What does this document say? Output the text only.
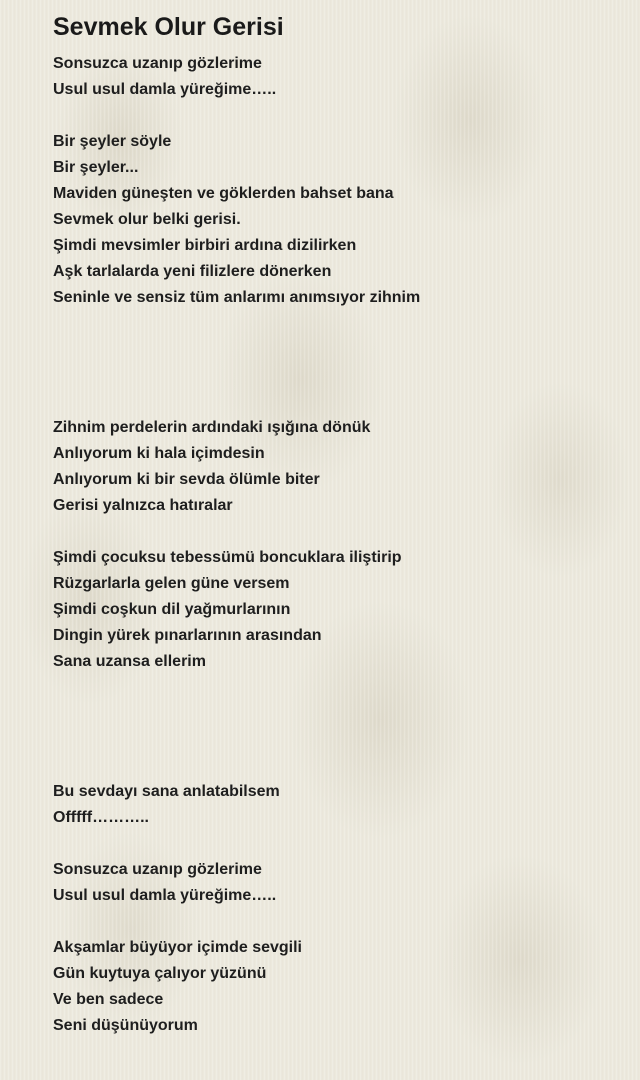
Sevmek Olur Gerisi
Sonsuzca uzanıp gözlerime
Usul usul damla yüreğime…..
Bir şeyler söyle
Bir şeyler...
Maviden güneşten ve göklerden bahset bana
Sevmek olur belki gerisi.
Şimdi mevsimler birbiri ardına dizilirken
Aşk tarlalarda yeni filizlere dönerken
Seninle ve sensiz tüm anlarımı anımsıyor zihnim
Zihnim perdelerin ardındaki ışığına dönük
Anlıyorum ki hala içimdesin
Anlıyorum ki bir sevda ölümle biter
Gerisi yalnızca hatıralar
Şimdi çocuksu tebessümü boncuklara iliştirip
Rüzgarlarla gelen güne versem
Şimdi coşkun dil yağmurlarının
Dingin yürek pınarlarının arasından
Sana uzansa ellerim
Bu sevdayı sana anlatabilsem
Offfff………..
Sonsuzca uzanıp gözlerime
Usul usul damla yüreğime…..
Akşamlar büyüyor içimde sevgili
Gün kuytuya çalıyor yüzünü
Ve ben sadece
Seni düşünüyorum
